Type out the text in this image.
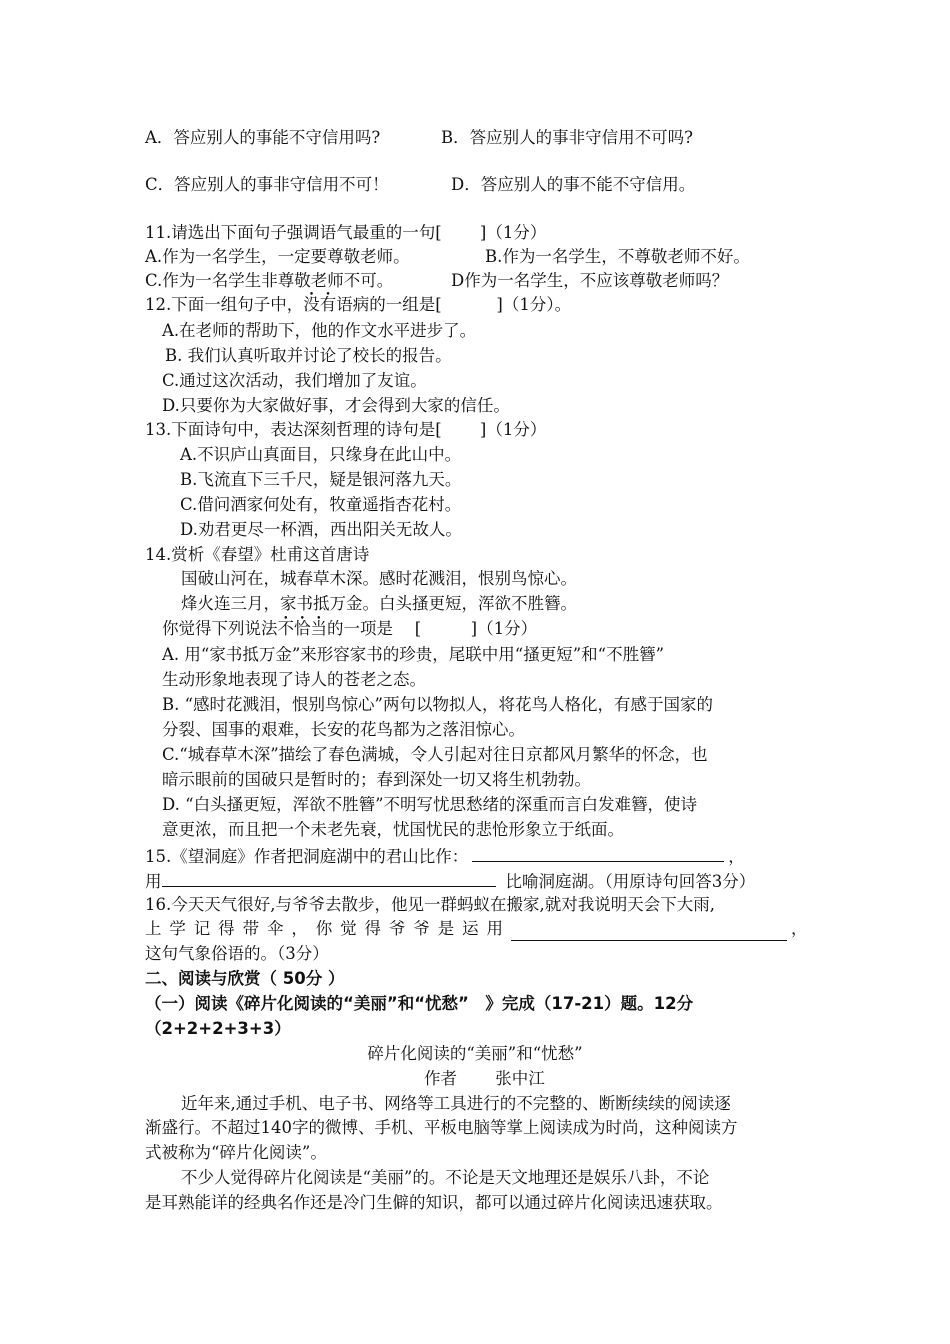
A．答应别人的事能不守信用吗?	B．答应别人的事非守信用不可吗?
C．答应别人的事非守信用不可！	D．答应别人的事不能不守信用。
11.请选出下面句子强调语气最重的一句[　　 ]（1分）
A.作为一名学生，一定要尊敬老师。	B.作为一名学生，不尊敬老师不好。
C.作为一名学生非尊敬老师不可。	D作为一名学生，不应该尊敬老师吗？
12.下面一组句子中，没有语病的一组是[　　　 ]（1分）。
A.在老师的帮助下，他的作文水平进步了。
B. 我们认真听取并讨论了校长的报告。
C.通过这次活动，我们增加了友谊。
D.只要你为大家做好事，才会得到大家的信任。
13.下面诗句中，表达深刻哲理的诗句是[　　 ]（1分）
A.不识庐山真面目，只缘身在此山中。
B.飞流直下三千尺，疑是银河落九天。
C.借问酒家何处有，牧童遥指杏花村。
D.劝君更尽一杯酒，西出阳关无故人。
14.赏析《春望》杜甫这首唐诗
国破山河在，城春草木深。感时花溅泪，恨别鸟惊心。
烽火连三月，家书抵万金。白头搔更短，浑欲不胜簪。
你觉得下列说法不恰当的一项是　 [　　　]（1分）
A. 用“家书抵万金”来形容家书的珍贵，尾联中用“搔更短”和“不胜簪”
生动形象地表现了诗人的苍老之态。
B. “感时花溅泪，恨别鸟惊心”两句以物拟人，将花鸟人格化，有感于国家的
分裂、国事的艰难，长安的花鸟都为之落泪惊心。
C.“城春草木深”描绘了春色满城，令人引起对往日京都风月繁华的怀念，也
暗示眼前的国破只是暂时的；春到深处一切又将生机勃勃。
D. “白头搔更短，浑欲不胜簪”不明写忧思愁绪的深重而言白发难簪，使诗
意更浓，而且把一个未老先衰，忧国忧民的悲怆形象立于纸面。
15.《望洞庭》作者把洞庭湖中的君山比作：	，
用	比喻洞庭湖。（用原诗句回答3分）
16.今天天气很好,与爷爷去散步，他见一群蚂蚁在搬家,就对我说明天会下大雨,
上 学 记 得 带 伞 ， 你 觉 得 爷 爷 是 运 用	，
这句气象俗语的。（3分）
二、阅读与欣赏（ 50分 ）
（一）阅读《碎片化阅读的“美丽”和“忧愁”　》完成（17-21）题。12分
（2+2+2+3+3）
碎片化阅读的“美丽”和“忧愁”
作者　　 张中江
近年来,通过手机、电子书、网络等工具进行的不完整的、断断续续的阅读逐
渐盛行。不超过140字的微博、手机、平板电脑等掌上阅读成为时尚，这种阅读方
式被称为“碎片化阅读”。
不少人觉得碎片化阅读是“美丽”的。不论是天文地理还是娱乐八卦，不论
是耳熟能详的经典名作还是冷门生僻的知识，都可以通过碎片化阅读迅速获取。
